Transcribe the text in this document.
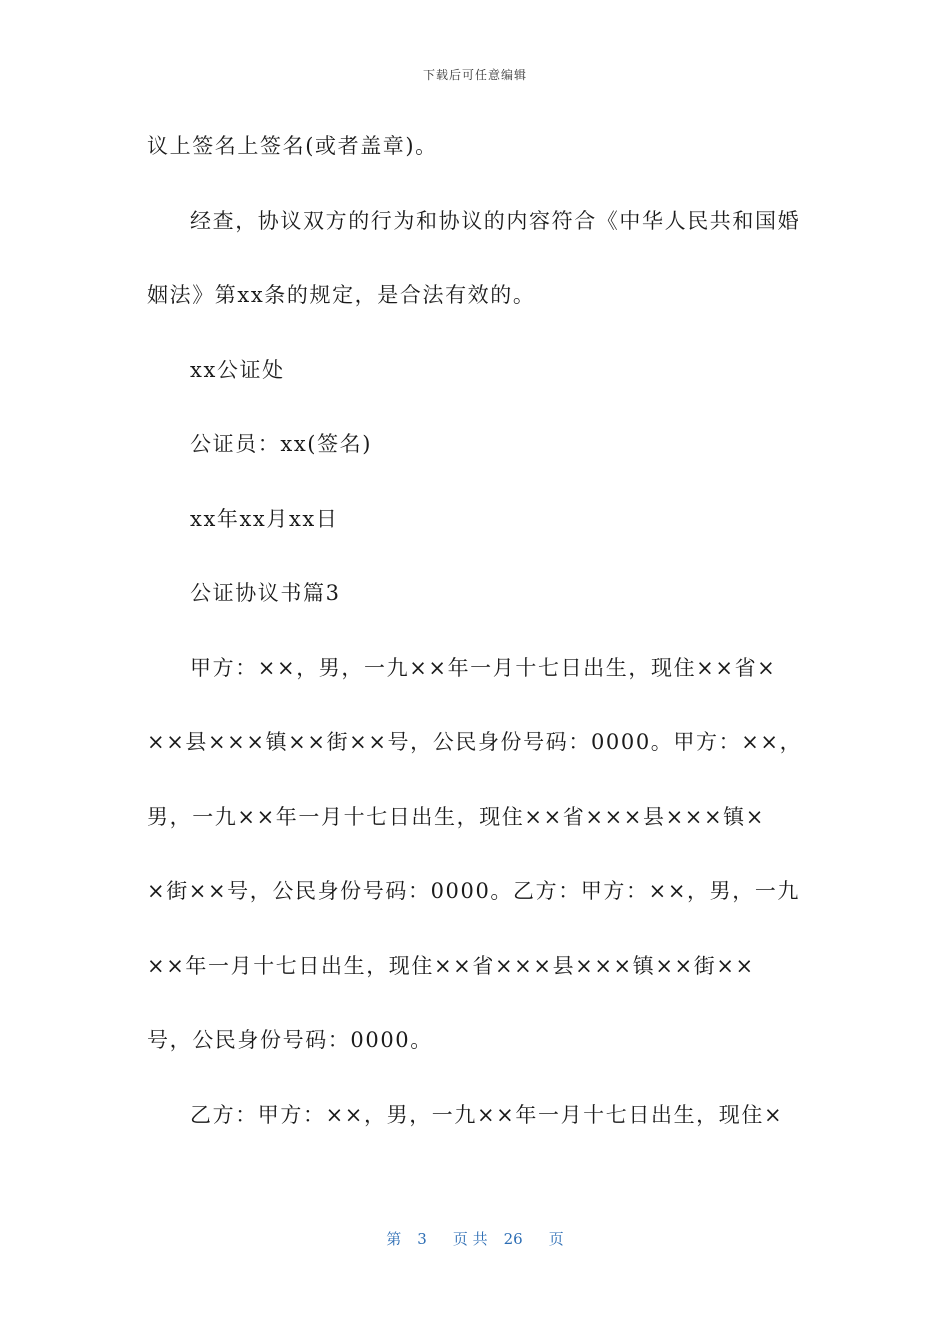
下载后可任意编辑
议上签名上签名(或者盖章)。
经查，协议双方的行为和协议的内容符合《中华人民共和国婚
姻法》第xx条的规定，是合法有效的。
xx公证处
公证员：xx(签名)
xx年xx月xx日
公证协议书篇3
甲方：××，男，一九××年一月十七日出生，现住××省×
××县×××镇××街××号，公民身份号码：0000。甲方：××，
男，一九××年一月十七日出生，现住××省×××县×××镇×
×街××号，公民身份号码：0000。乙方：甲方：××，男，一九
××年一月十七日出生，现住××省×××县×××镇××街××
号，公民身份号码：0000。
乙方：甲方：××，男，一九××年一月十七日出生，现住×
第 3 页 共 26 页
